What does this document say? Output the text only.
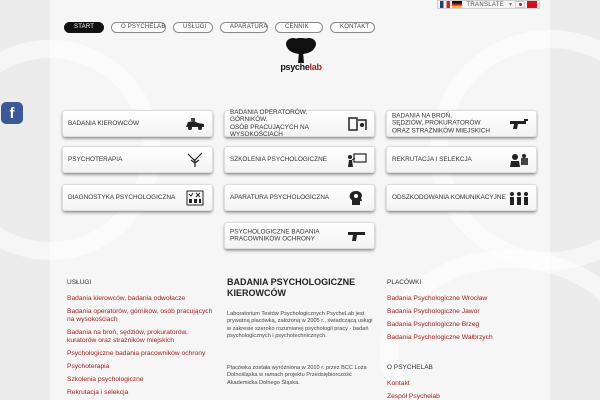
START	O PSYCHELAB	USŁUGI	APARATURA	CENNIK	KONTAKT
TRANSLATE ▼
psychelab
f
BADANIA KIEROWCÓW
BADANIA OPERATORÓW,
GÓRNIKÓW,
OSÓB PRACUJĄCYCH NA WYSOKOŚCIACH
BADANIA NA BROŃ,
SĘDZIÓW, PROKURATORÓW
ORAZ STRAŻNIKÓW MIEJSKICH
PSYCHOTERAPIA	SZKOLENIA PSYCHOLOGICZNE	REKRUTACJA I SELEKCJA
DIAGNOSTYKA PSYCHOLOGICZNA	APARATURA PSYCHOLOGICZNA	ODSZKODOWANIA KOMUNIKACYJNE
PSYCHOLOGICZNE BADANIA
PRACOWNIKÓW OCHRONY
USŁUGI
Badania kierowców, badania odwołacze
Badania operatorów, górników, osób pracujących na wysokościach
Badania na broń, sędziów, prokuratorów, kuratorów oraz strażników miejskich
Psychologiczne badania pracowników ochrony
Psychoterapia
Szkolenia psychologiczne
Rekrutacja i selekcja
BADANIA PSYCHOLOGICZNE KIEROWCÓW

Laboratorium Testów Psychologicznych PsycheLab jest prywatną placówką, założoną w 2005 r., świadczącą usługi w zakresie szeroko rozumianej psychologii pracy - badań psychologicznych i psychotechnicznych.

Placówka została wyróżniona w 2010 r. przez BCC Loża Dolnośląska w ramach projektu Przedsiębiorczość Akademicka Dolnego Śląska.

PLACÓWKI
Badania Psychologiczne Wrocław
Badania Psychologiczne Jawor
Badania Psychologiczne Brzeg
Badania Psychologiczne Wałbrzych
O PSYCHELAB
Kontakt
Zespół Psychelab
